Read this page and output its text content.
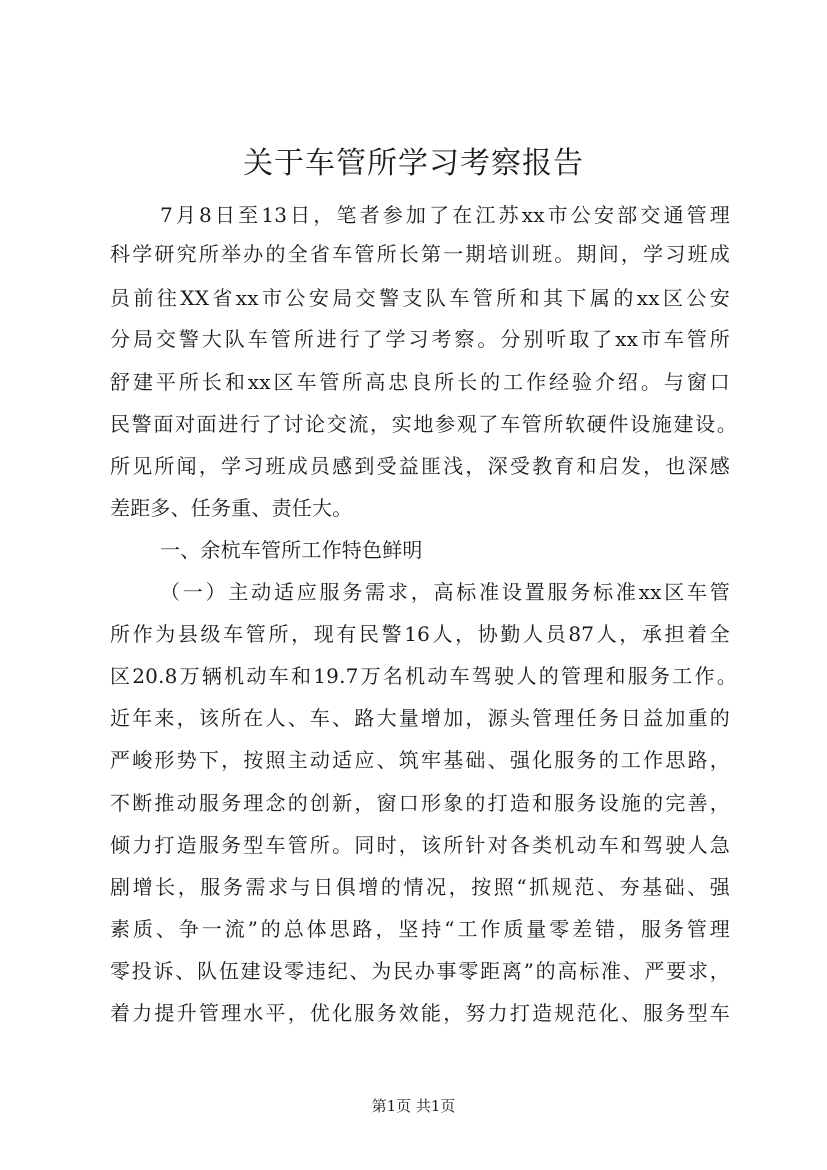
关于车管所学习考察报告
7月8日至13日，笔者参加了在江苏xx市公安部交通管理
科学研究所举办的全省车管所长第一期培训班。期间，学习班成
员前往XX省xx市公安局交警支队车管所和其下属的xx区公安
分局交警大队车管所进行了学习考察。分别听取了xx市车管所
舒建平所长和xx区车管所高忠良所长的工作经验介绍。与窗口
民警面对面进行了讨论交流，实地参观了车管所软硬件设施建设。
所见所闻，学习班成员感到受益匪浅，深受教育和启发，也深感
差距多、任务重、责任大。
一、余杭车管所工作特色鲜明
（一）主动适应服务需求，高标准设置服务标准xx区车管
所作为县级车管所，现有民警16人，协勤人员87人，承担着全
区20.8万辆机动车和19.7万名机动车驾驶人的管理和服务工作。
近年来，该所在人、车、路大量增加，源头管理任务日益加重的
严峻形势下，按照主动适应、筑牢基础、强化服务的工作思路，
不断推动服务理念的创新，窗口形象的打造和服务设施的完善，
倾力打造服务型车管所。同时，该所针对各类机动车和驾驶人急
剧增长，服务需求与日俱增的情况，按照“抓规范、夯基础、强
素质、争一流”的总体思路，坚持“工作质量零差错，服务管理
零投诉、队伍建设零违纪、为民办事零距离”的高标准、严要求，
着力提升管理水平，优化服务效能，努力打造规范化、服务型车
第1页 共1页
